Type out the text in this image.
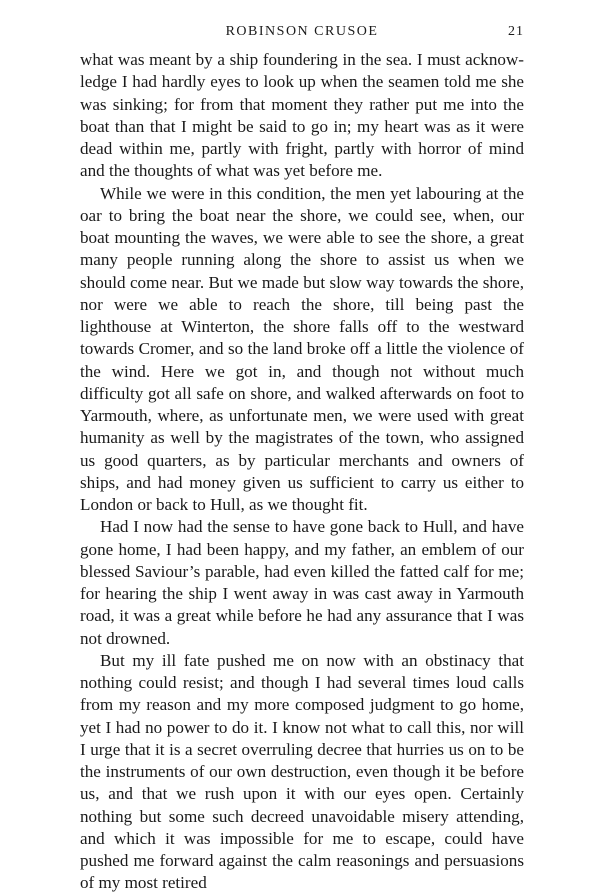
ROBINSON CRUSOE	21

what was meant by a ship foundering in the sea. I must acknowledge I had hardly eyes to look up when the seamen told me she was sinking; for from that moment they rather put me into the boat than that I might be said to go in; my heart was as it were dead within me, partly with fright, partly with horror of mind and the thoughts of what was yet before me.

While we were in this condition, the men yet labouring at the oar to bring the boat near the shore, we could see, when, our boat mounting the waves, we were able to see the shore, a great many people running along the shore to assist us when we should come near. But we made but slow way towards the shore, nor were we able to reach the shore, till being past the lighthouse at Winterton, the shore falls off to the westward towards Cromer, and so the land broke off a little the violence of the wind. Here we got in, and though not without much difficulty got all safe on shore, and walked afterwards on foot to Yarmouth, where, as unfortunate men, we were used with great humanity as well by the magistrates of the town, who assigned us good quarters, as by particular merchants and owners of ships, and had money given us sufficient to carry us either to London or back to Hull, as we thought fit.

Had I now had the sense to have gone back to Hull, and have gone home, I had been happy, and my father, an emblem of our blessed Saviour’s parable, had even killed the fatted calf for me; for hearing the ship I went away in was cast away in Yarmouth road, it was a great while before he had any assurance that I was not drowned.

But my ill fate pushed me on now with an obstinacy that nothing could resist; and though I had several times loud calls from my reason and my more composed judgment to go home, yet I had no power to do it. I know not what to call this, nor will I urge that it is a secret overruling decree that hurries us on to be the instruments of our own destruction, even though it be before us, and that we rush upon it with our eyes open. Certainly nothing but some such decreed unavoidable misery attending, and which it was impossible for me to escape, could have pushed me forward against the calm reasonings and persuasions of my most retired
